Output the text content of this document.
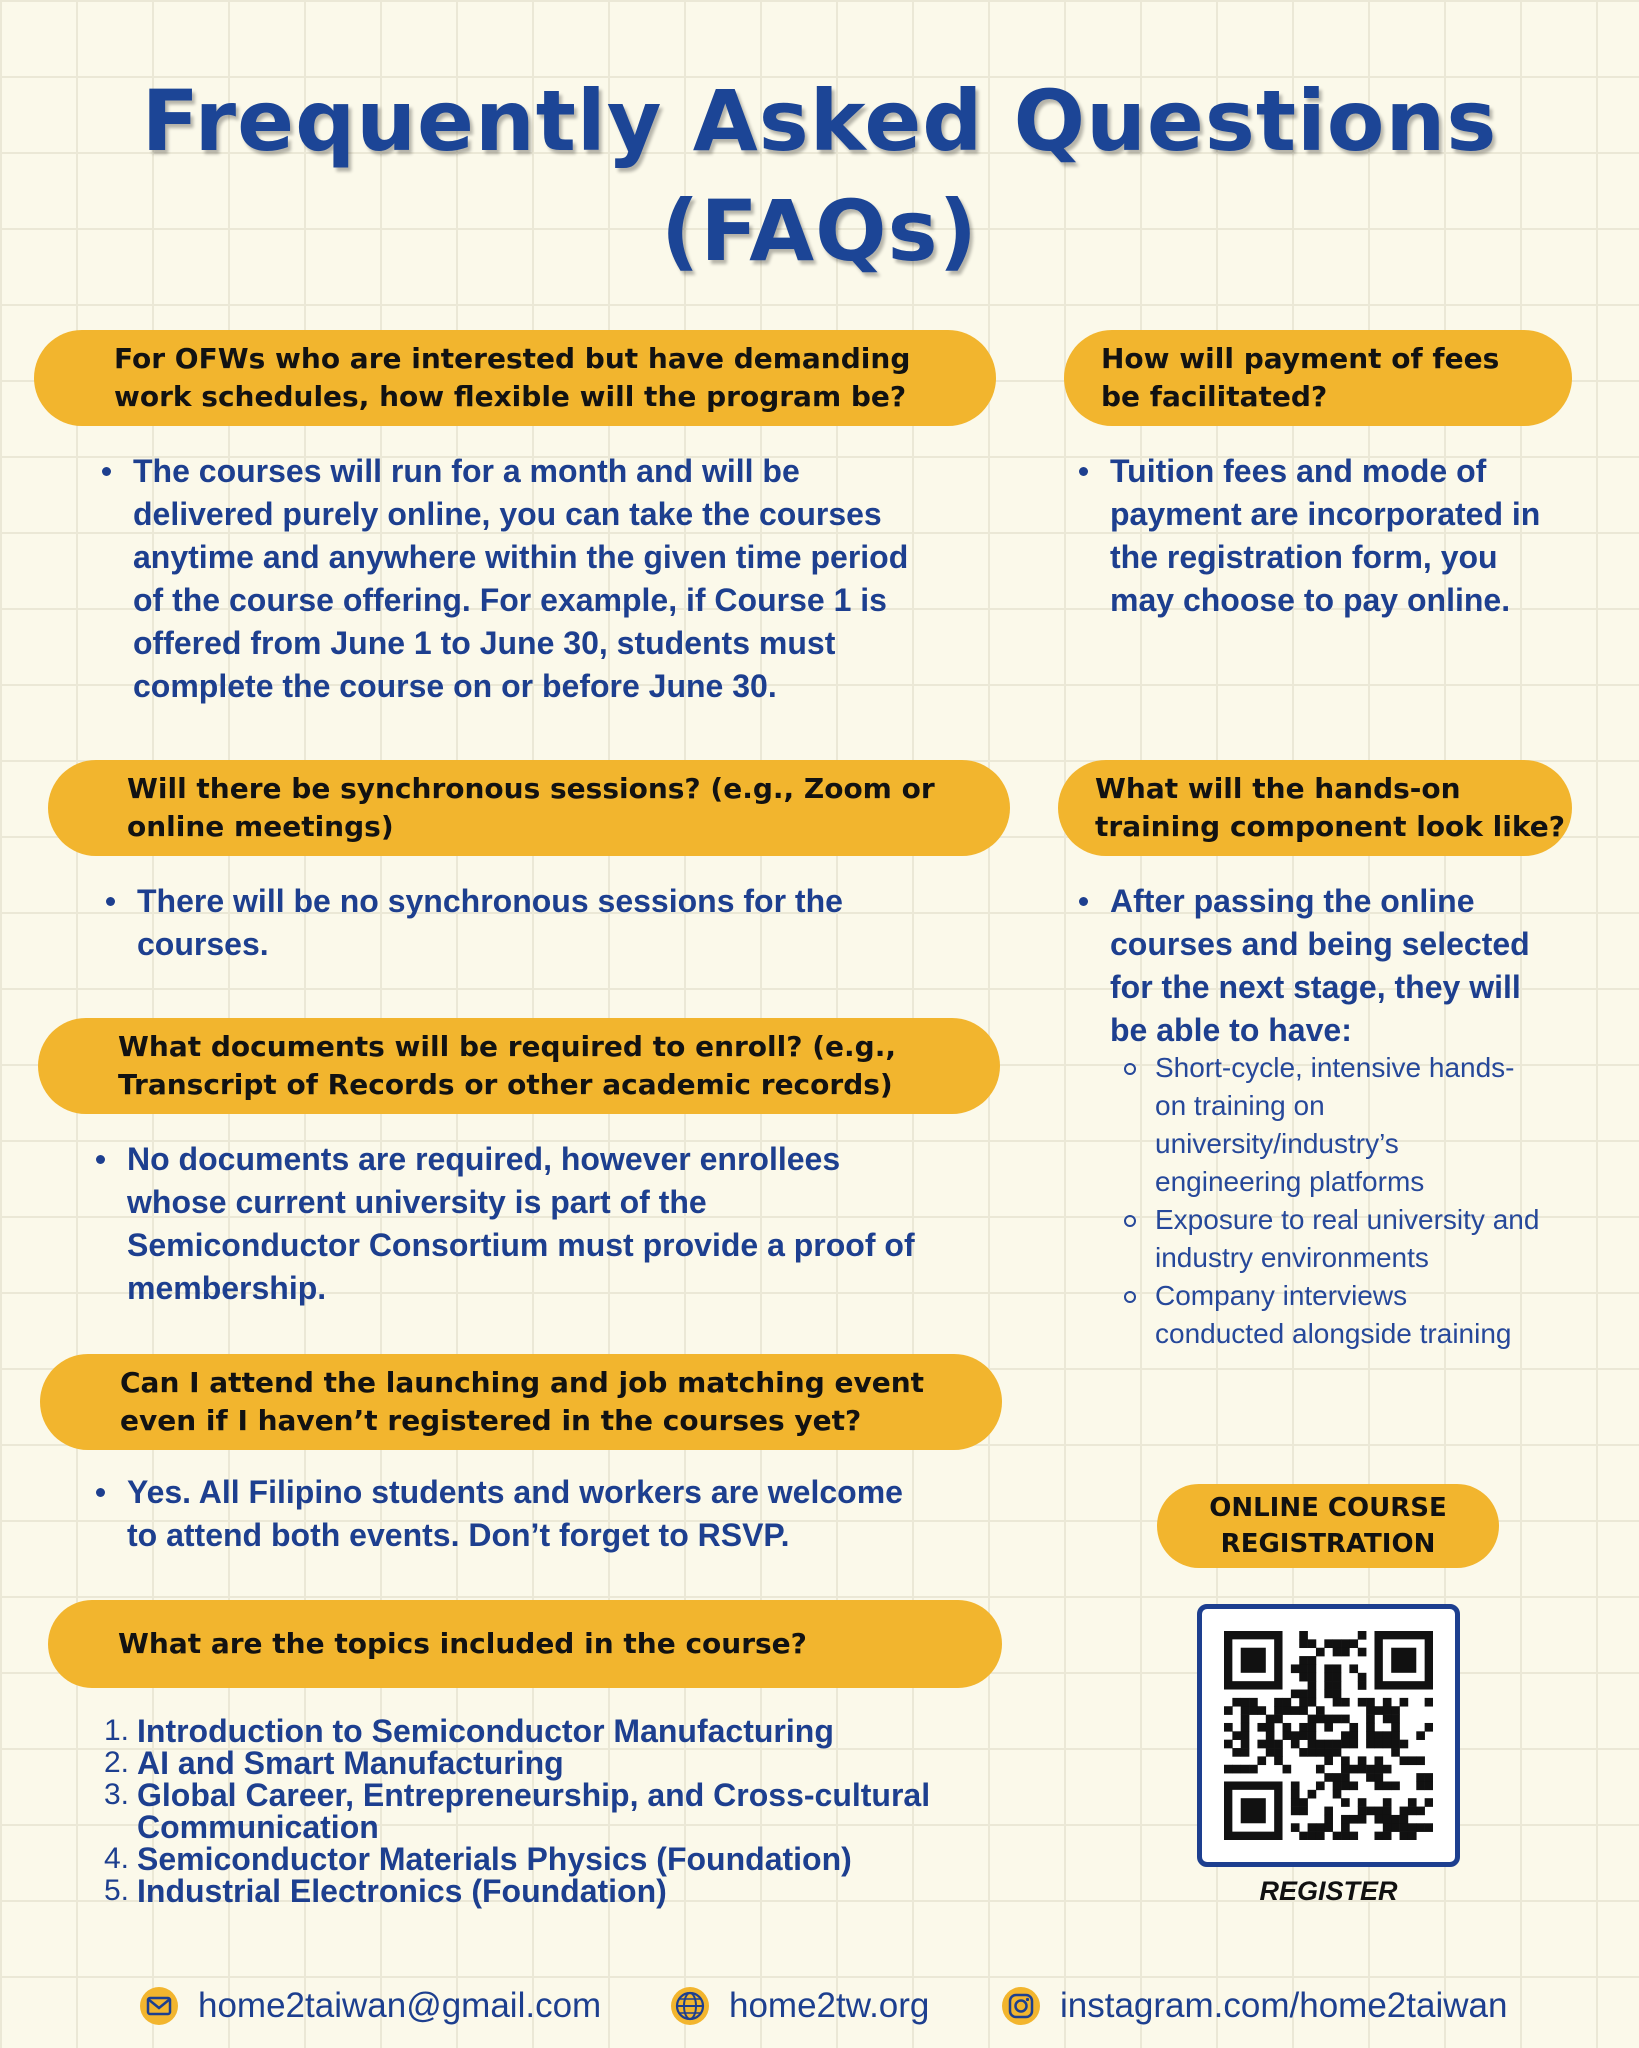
Frequently Asked Questions
(FAQs)
For OFWs who are interested but have demanding
work schedules, how flexible will the program be?
The courses will run for a month and will be
delivered purely online, you can take the courses
anytime and anywhere within the given time period
of the course offering. For example, if Course 1 is
offered from June 1 to June 30, students must
complete the course on or before June 30.
Will there be synchronous sessions? (e.g., Zoom or
online meetings)
There will be no synchronous sessions for the
courses.
What documents will be required to enroll? (e.g.,
Transcript of Records or other academic records)
No documents are required, however enrollees
whose current university is part of the
Semiconductor Consortium must provide a proof of
membership.
Can I attend the launching and job matching event
even if I haven’t registered in the courses yet?
Yes. All Filipino students and workers are welcome
to attend both events. Don’t forget to RSVP.
What are the topics included in the course?
1. Introduction to Semiconductor Manufacturing
2. AI and Smart Manufacturing
3. Global Career, Entrepreneurship, and Cross-cultural
Communication
4. Semiconductor Materials Physics (Foundation)
5. Industrial Electronics (Foundation)
How will payment of fees
be facilitated?
Tuition fees and mode of
payment are incorporated in
the registration form, you
may choose to pay online.
What will the hands-on
training component look like?
After passing the online
courses and being selected
for the next stage, they will
be able to have:
Short-cycle, intensive hands-
on training on
university/industry’s
engineering platforms
Exposure to real university and
industry environments
Company interviews
conducted alongside training
ONLINE COURSE
REGISTRATION
REGISTER
home2taiwan@gmail.com	home2tw.org	instagram.com/home2taiwan
